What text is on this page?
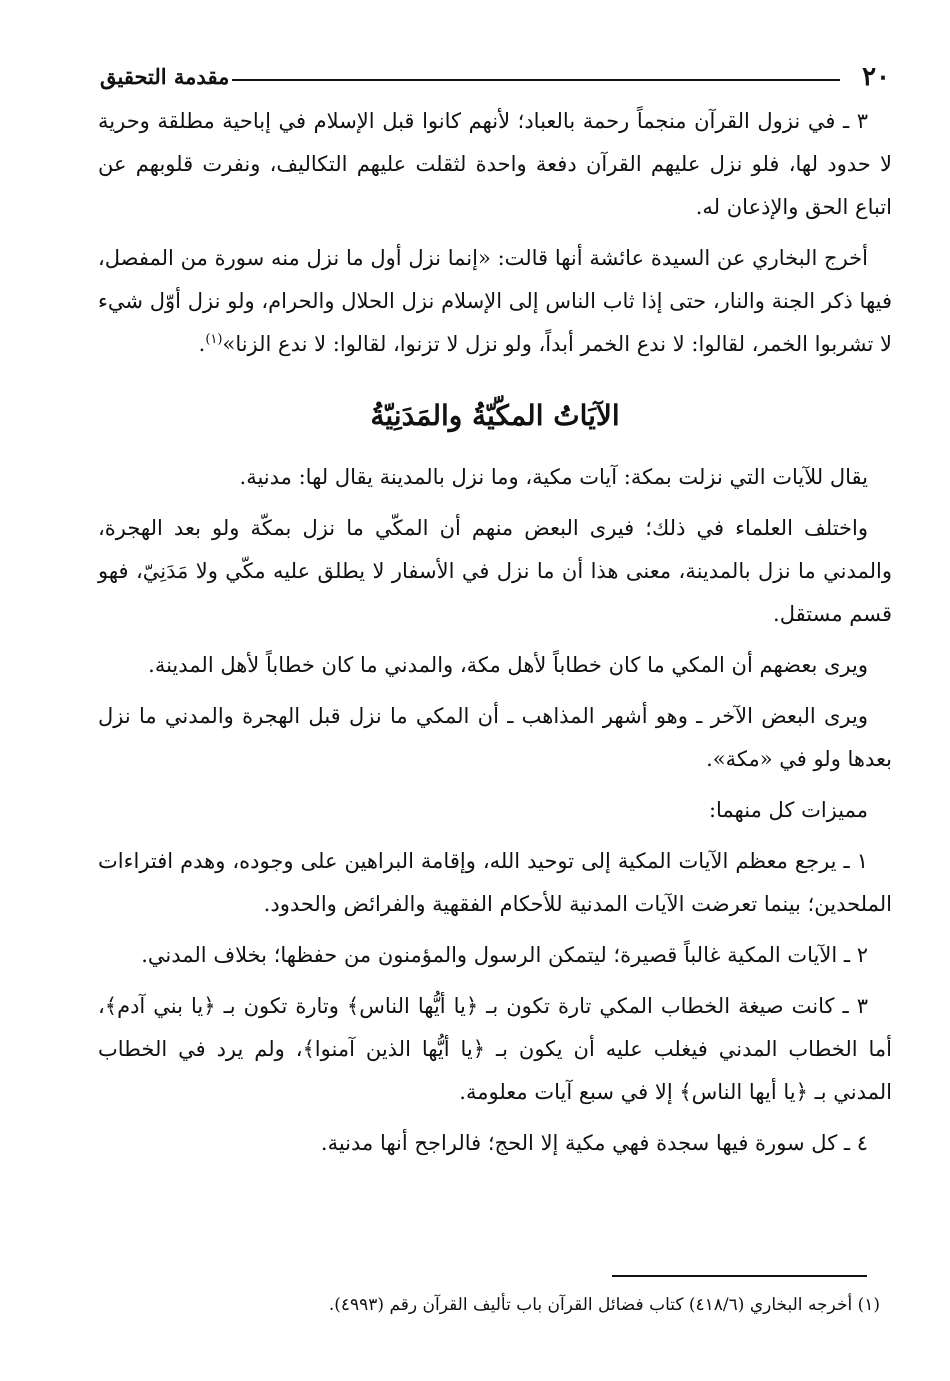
٢٠
مقدمة التحقيق

٣ ـ في نزول القرآن منجماً رحمة بالعباد؛ لأنهم كانوا قبل الإسلام في إباحية مطلقة وحرية لا حدود لها، فلو نزل عليهم القرآن دفعة واحدة لثقلت عليهم التكاليف، ونفرت قلوبهم عن اتباع الحق والإذعان له.

أخرج البخاري عن السيدة عائشة أنها قالت: «إنما نزل أول ما نزل منه سورة من المفصل، فيها ذكر الجنة والنار، حتى إذا ثاب الناس إلى الإسلام نزل الحلال والحرام، ولو نزل أوّل شيء لا تشربوا الخمر، لقالوا: لا ندع الخمر أبداً، ولو نزل لا تزنوا، لقالوا: لا ندع الزنا»$^{(١)}$.

الآيَاتُ المكّيّةُ والمَدَنِيّةُ

يقال للآيات التي نزلت بمكة: آيات مكية، وما نزل بالمدينة يقال لها: مدنية.

واختلف العلماء في ذلك؛ فيرى البعض منهم أن المكّي ما نزل بمكّة ولو بعد الهجرة، والمدني ما نزل بالمدينة، معنى هذا أن ما نزل في الأسفار لا يطلق عليه مكّي ولا مَدَنِيّ، فهو قسم مستقل.

ويرى بعضهم أن المكي ما كان خطاباً لأهل مكة، والمدني ما كان خطاباً لأهل المدينة.

ويرى البعض الآخر ـ وهو أشهر المذاهب ـ أن المكي ما نزل قبل الهجرة والمدني ما نزل بعدها ولو في «مكة».

مميزات كل منهما:

١ ـ يرجع معظم الآيات المكية إلى توحيد الله، وإقامة البراهين على وجوده، وهدم افتراءات الملحدين؛ بينما تعرضت الآيات المدنية للأحكام الفقهية والفرائض والحدود.

٢ ـ الآيات المكية غالباً قصيرة؛ ليتمكن الرسول والمؤمنون من حفظها؛ بخلاف المدني.

٣ ـ كانت صيغة الخطاب المكي تارة تكون بـ ﴿يا أيُّها الناس﴾ وتارة تكون بـ ﴿يا بني آدم﴾، أما الخطاب المدني فيغلب عليه أن يكون بـ ﴿يا أيُّها الذين آمنوا﴾، ولم يرد في الخطاب المدني بـ ﴿يا أيها الناس﴾ إلا في سبع آيات معلومة.

٤ ـ كل سورة فيها سجدة فهي مكية إلا الحج؛ فالراجح أنها مدنية.

(١) أخرجه البخاري (٤١٨/٦) كتاب فضائل القرآن باب تأليف القرآن رقم (٤٩٩٣).
